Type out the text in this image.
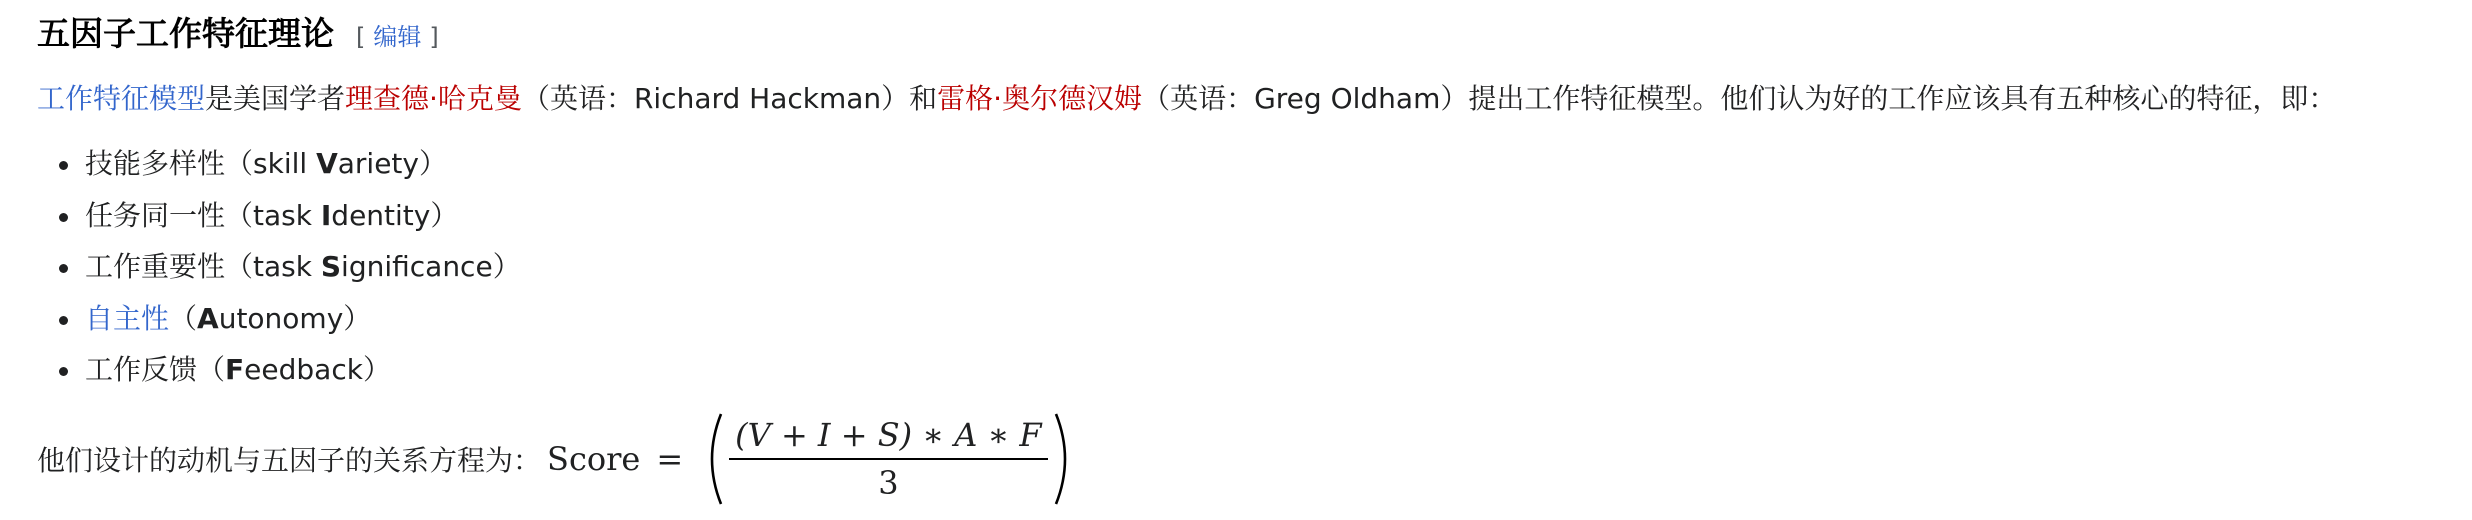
五因子工作特征理论 [ 编辑 ]

工作特征模型是美国学者理查德·哈克曼（英语：Richard Hackman）和雷格·奥尔德汉姆（英语：Greg Oldham）提出工作特征模型。他们认为好的工作应该具有五种核心的特征，即：

技能多样性（skill Variety）
任务同一性（task Identity）
工作重要性（task Significance）
自主性（Autonomy）
工作反馈（Feedback）
他们设计的动机与五因子的关系方程为： Score = $\frac{(V + I + S) ∗ A ∗ F}{3}$
